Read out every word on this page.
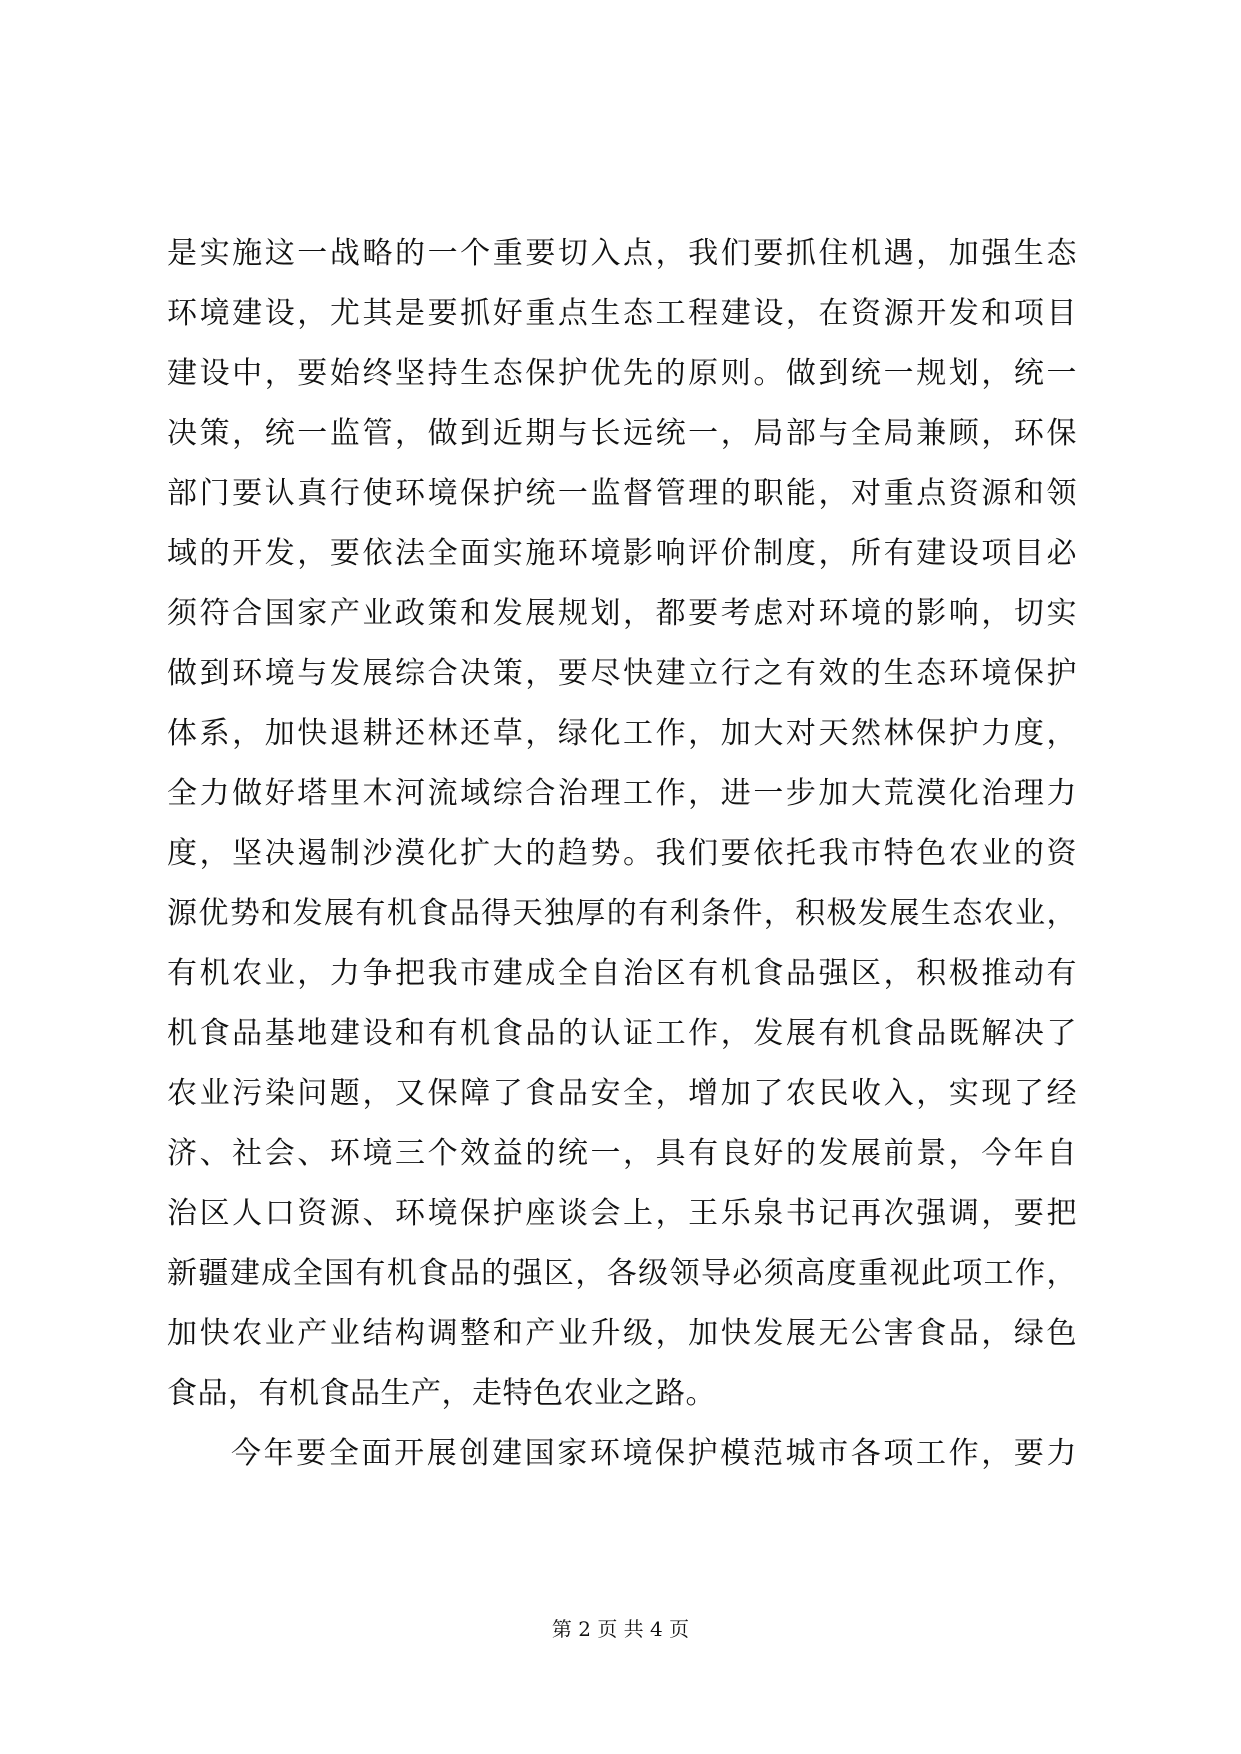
是实施这一战略的一个重要切入点，我们要抓住机遇，加强生态
环境建设，尤其是要抓好重点生态工程建设，在资源开发和项目
建设中，要始终坚持生态保护优先的原则。做到统一规划，统一
决策，统一监管，做到近期与长远统一，局部与全局兼顾，环保
部门要认真行使环境保护统一监督管理的职能，对重点资源和领
域的开发，要依法全面实施环境影响评价制度，所有建设项目必
须符合国家产业政策和发展规划，都要考虑对环境的影响，切实
做到环境与发展综合决策，要尽快建立行之有效的生态环境保护
体系，加快退耕还林还草，绿化工作，加大对天然林保护力度，
全力做好塔里木河流域综合治理工作，进一步加大荒漠化治理力
度，坚决遏制沙漠化扩大的趋势。我们要依托我市特色农业的资
源优势和发展有机食品得天独厚的有利条件，积极发展生态农业，
有机农业，力争把我市建成全自治区有机食品强区，积极推动有
机食品基地建设和有机食品的认证工作，发展有机食品既解决了
农业污染问题，又保障了食品安全，增加了农民收入，实现了经
济、社会、环境三个效益的统一，具有良好的发展前景，今年自
治区人口资源、环境保护座谈会上，王乐泉书记再次强调，要把
新疆建成全国有机食品的强区，各级领导必须高度重视此项工作，
加快农业产业结构调整和产业升级，加快发展无公害食品，绿色
食品，有机食品生产，走特色农业之路。
今年要全面开展创建国家环境保护模范城市各项工作，要力
第 2 页 共 4 页
